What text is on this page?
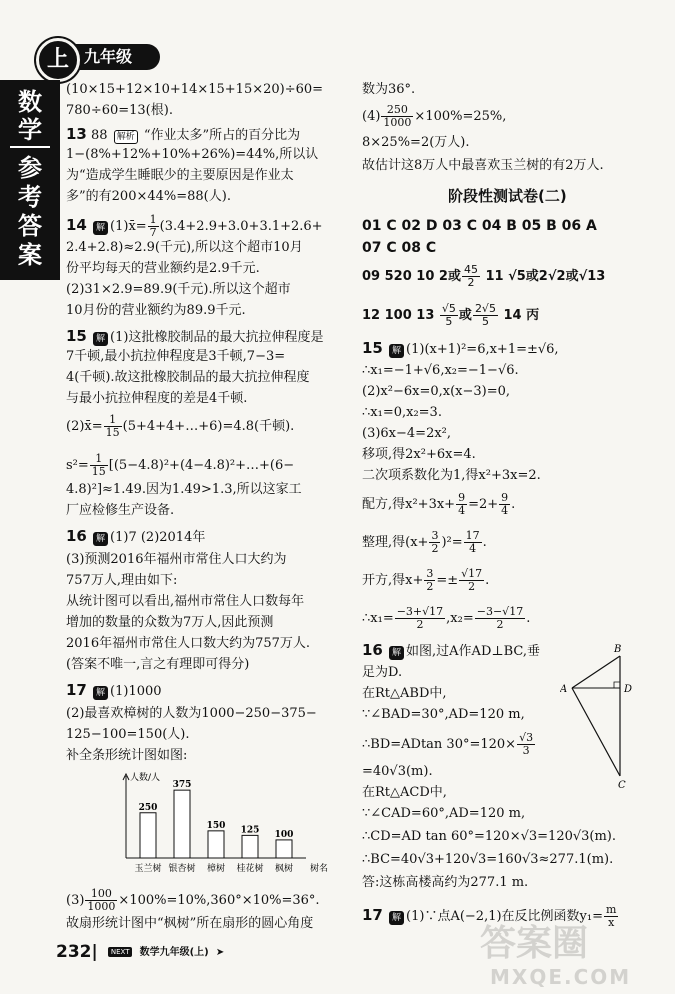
九年级
上
数学
参考答案
(10×15+12×10+14×15+15×20)÷60=
780÷60=13(根).
13 88 解析 “作业太多”所占的百分比为
1−(8%+12%+10%+26%)=44%,所以认
为“造成学生睡眠少的主要原因是作业太
多”的有200×44%=88(人).
14 解 (1)x̄= $\frac{1}{7} (3.4+2.9+3.0+3.1+2.6+$
2.4+2.8)≈2.9(千元),所以这个超市10月
份平均每天的营业额约是2.9千元.
(2)31×2.9=89.9(千元).所以这个超市
10月份的营业额约为89.9千元.
15 解 (1)这批橡胶制品的最大抗拉伸程度是
7千顿,最小抗拉伸程度是3千顿,7−3=
4(千顿).故这批橡胶制品的最大抗拉伸程度
与最小抗拉伸程度的差是4千顿.
(2)x̄= $\frac{1}{15}$ (5+4+4+…+6)=4.8(千顿).
$s^2= \frac{1}{15}$ [(5−4.8)²+(4−4.8)²+…+(6−
4.8)²]≈1.49.因为1.49>1.3,所以这家工
厂应检修生产设备.
16 解 (1)7 (2)2014年
(3)预测2016年福州市常住人口大约为
757万人,理由如下:
从统计图可以看出,福州市常住人口数每年
增加的数量的众数为7万人,因此预测
2016年福州市常住人口数大约为757万人.
(答案不唯一,言之有理即可得分)
17 解 (1)1000
(2)最喜欢樟树的人数为1000−250−375−
125−100=150(人).
补全条形统计图如图:
人数/人
树名
250
玉兰树
375
银杏树
150
樟树
125
桂花树
100
枫树
$(3) \frac{100}{1000} \times 100\%=10\%,360^\circ\times 10\%=36^\circ$.
故扇形统计图中“枫树”所在扇形的圆心角度
数为36°.
$(4) \frac{250}{1000} \times 100\%=25\%$,
8×25%=2(万人).
故估计这8万人中最喜欢玉兰树的有2万人.
阶段性测试卷(二)
01 C 02 D 03 C 04 B 05 B 06 A
07 C 08 C
09 520 10 2或 $\frac{45}{2} 11$ √5或2√2或√13
12 100 $13 \frac{√5}{5}$ 或 $\frac{2√5}{5} 14$ 丙
15 解 (1)(x+1)²=6,x+1=±√6,
∴x₁=−1+√6,x₂=−1−√6.
(2)x²−6x=0,x(x−3)=0,
∴x₁=0,x₂=3.
(3)6x−4=2x²,
移项,得2x²+6x=4.
二次项系数化为1,得x²+3x=2.
配方,得$x^2+3x+ \frac{9}{4} =2+ \frac{9}{4}$ .
整理,得$(x+ \frac{3}{2} )^2= \frac{17}{4}$ .
开方,得$x+ \frac{3}{2} =\pm \frac{√17}{2}$ .
∴x₁= $\frac{-3+√17}{2} ,x_2= \frac{-3-√17}{2}$ .
16 解 如图,过A作AD⊥BC,垂
足为D.
在Rt△ABD中,
∵∠BAD=30°,AD=120 m,
∴BD=ADtan $30^\circ=120\times \frac{√3}{3}$
=40√3(m).
在Rt△ACD中,
∵∠CAD=60°,AD=120 m,
∴CD=AD tan 60°=120×√3=120√3(m).
∴BC=40√3+120√3=160√3≈277.1(m).
答:这栋高楼高约为277.1 m.
17 解 (1)∵点A(−2,1)在反比例函数$y_1= \frac{m}{x}$
B
A	D
C
232| NEXT 数学九年级(上) ➤	答案圈
MXQE.COM
